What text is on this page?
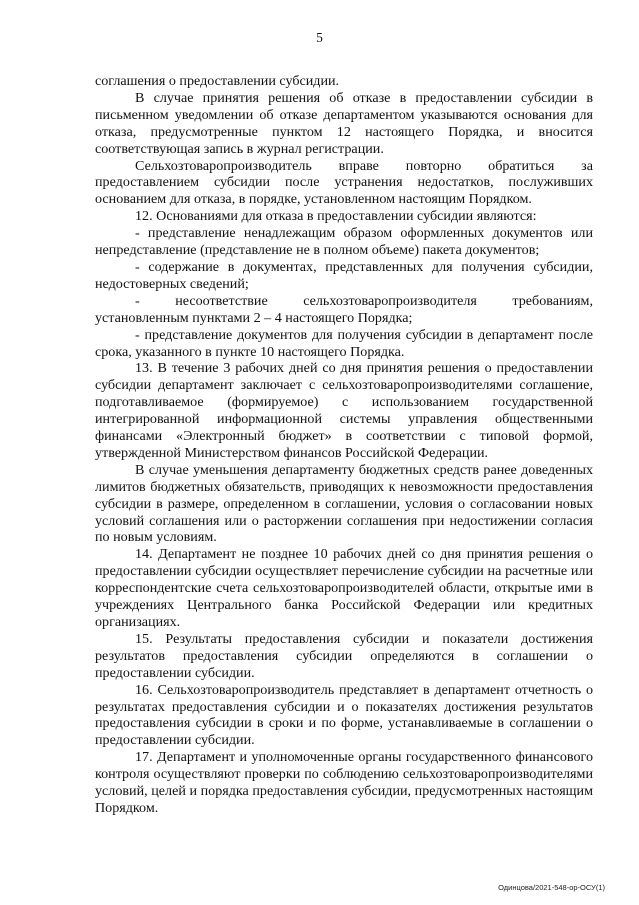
5

соглашения о предоставлении субсидии.

В случае принятия решения об отказе в предоставлении субсидии в письменном уведомлении об отказе департаментом указываются основания для отказа, предусмотренные пунктом 12 настоящего Порядка, и вносится соответствующая запись в журнал регистрации.

Сельхозтоваропроизводитель вправе повторно обратиться за предоставлением субсидии после устранения недостатков, послуживших основанием для отказа, в порядке, установленном настоящим Порядком.

12. Основаниями для отказа в предоставлении субсидии являются:

- представление ненадлежащим образом оформленных документов или непредставление (представление не в полном объеме) пакета документов;

- содержание в документах, представленных для получения субсидии, недостоверных сведений;

- несоответствие сельхозтоваропроизводителя требованиям, установленным пунктами 2 – 4 настоящего Порядка;

- представление документов для получения субсидии в департамент после срока, указанного в пункте 10 настоящего Порядка.

13. В течение 3 рабочих дней со дня принятия решения о предоставлении субсидии департамент заключает с сельхозтоваропроизводителями соглашение, подготавливаемое (формируемое) с использованием государственной интегрированной информационной системы управления общественными финансами «Электронный бюджет» в соответствии с типовой формой, утвержденной Министерством финансов Российской Федерации.

В случае уменьшения департаменту бюджетных средств ранее доведенных лимитов бюджетных обязательств, приводящих к невозможности предоставления субсидии в размере, определенном в соглашении, условия о согласовании новых условий соглашения или о расторжении соглашения при недостижении согласия по новым условиям.

14. Департамент не позднее 10 рабочих дней со дня принятия решения о предоставлении субсидии осуществляет перечисление субсидии на расчетные или корреспондентские счета сельхозтоваропроизводителей области, открытые ими в учреждениях Центрального банка Российской Федерации или кредитных организациях.

15. Результаты предоставления субсидии и показатели достижения результатов предоставления субсидии определяются в соглашении о предоставлении субсидии.

16. Сельхозтоваропроизводитель представляет в департамент отчетность о результатах предоставления субсидии и о показателях достижения результатов предоставления субсидии в сроки и по форме, устанавливаемые в соглашении о предоставлении субсидии.

17. Департамент и уполномоченные органы государственного финансового контроля осуществляют проверки по соблюдению сельхозтоваропроизводителями условий, целей и порядка предоставления субсидии, предусмотренных настоящим Порядком.

Одинцова/2021-548-ор-ОСУ(1)
